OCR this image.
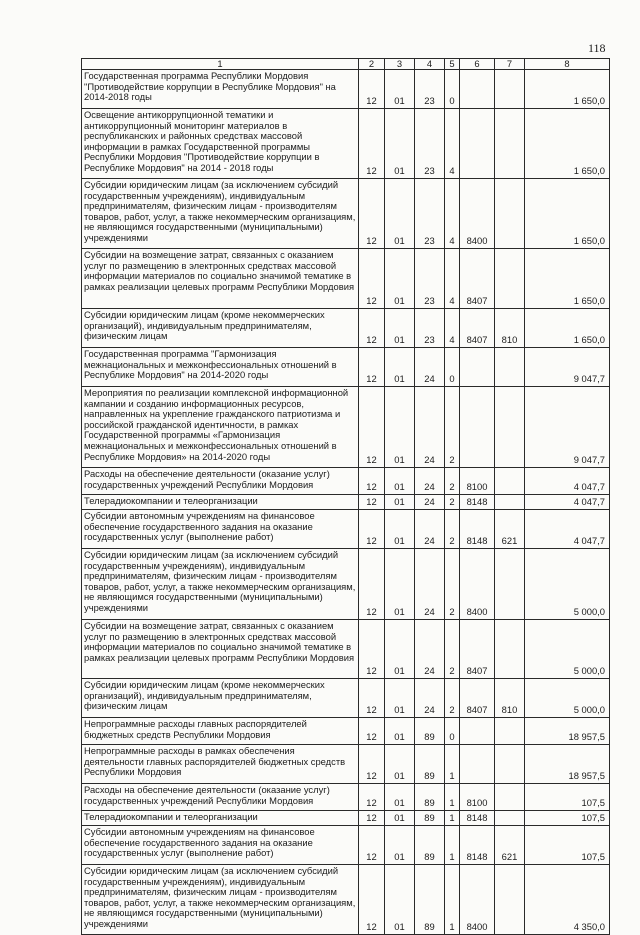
118
1	2	3	4	5	6	7	8
Государственная программа Республики Мордовия "Противодействие коррупции в Республике Мордовия" на 2014-2018 годы	12	01	23	0			1 650,0
Освещение антикоррупционной тематики и антикоррупционный мониторинг материалов в республиканских и районных средствах массовой информации в рамках Государственной программы Республики Мордовия "Противодействие коррупции в Республике Мордовия" на 2014 - 2018 годы	12	01	23	4			1 650,0
Субсидии юридическим лицам (за исключением субсидий государственным учреждениям), индивидуальным предпринимателям, физическим лицам - производителям товаров, работ, услуг, а также некоммерческим организациям, не являющимся государственными (муниципальными) учреждениями	12	01	23	4	8400		1 650,0
Субсидии на возмещение затрат, связанных с оказанием услуг по размещению в электронных средствах массовой информации материалов по социально значимой тематике в рамках реализации целевых программ Республики Мордовия	12	01	23	4	8407		1 650,0
Субсидии юридическим лицам (кроме некоммерческих организаций), индивидуальным предпринимателям, физическим лицам	12	01	23	4	8407	810	1 650,0
Государственная программа "Гармонизация межнациональных и межконфессиональных отношений в Республике Мордовия" на 2014-2020 годы	12	01	24	0			9 047,7
Мероприятия по реализации комплексной информационной кампании и созданию информационных ресурсов, направленных на укрепление гражданского патриотизма и российской гражданской идентичности, в рамках Государственной программы «Гармонизация межнациональных и межконфессиональных отношений в Республике Мордовия» на 2014-2020 годы	12	01	24	2			9 047,7
Расходы на обеспечение деятельности (оказание услуг) государственных учреждений Республики Мордовия	12	01	24	2	8100		4 047,7
Телерадиокомпании и телеорганизации	12	01	24	2	8148		4 047,7
Субсидии автономным учреждениям на финансовое обеспечение государственного задания на оказание государственных услуг (выполнение работ)	12	01	24	2	8148	621	4 047,7
Субсидии юридическим лицам (за исключением субсидий государственным учреждениям), индивидуальным предпринимателям, физическим лицам - производителям товаров, работ, услуг, а также некоммерческим организациям, не являющимся государственными (муниципальными) учреждениями	12	01	24	2	8400		5 000,0
Субсидии на возмещение затрат, связанных с оказанием услуг по размещению в электронных средствах массовой информации материалов по социально значимой тематике в рамках реализации целевых программ Республики Мордовия	12	01	24	2	8407		5 000,0
Субсидии юридическим лицам (кроме некоммерческих организаций), индивидуальным предпринимателям, физическим лицам	12	01	24	2	8407	810	5 000,0
Непрограммные расходы главных распорядителей бюджетных средств Республики Мордовия	12	01	89	0			18 957,5
Непрограммные расходы в рамках обеспечения деятельности главных распорядителей бюджетных средств Республики Мордовия	12	01	89	1			18 957,5
Расходы на обеспечение деятельности (оказание услуг) государственных учреждений Республики Мордовия	12	01	89	1	8100		107,5
Телерадиокомпании и телеорганизации	12	01	89	1	8148		107,5
Субсидии автономным учреждениям на финансовое обеспечение государственного задания на оказание государственных услуг (выполнение работ)	12	01	89	1	8148	621	107,5
Субсидии юридическим лицам (за исключением субсидий государственным учреждениям), индивидуальным предпринимателям, физическим лицам - производителям товаров, работ, услуг, а также некоммерческим организациям, не являющимся государственными (муниципальными) учреждениями	12	01	89	1	8400		4 350,0
